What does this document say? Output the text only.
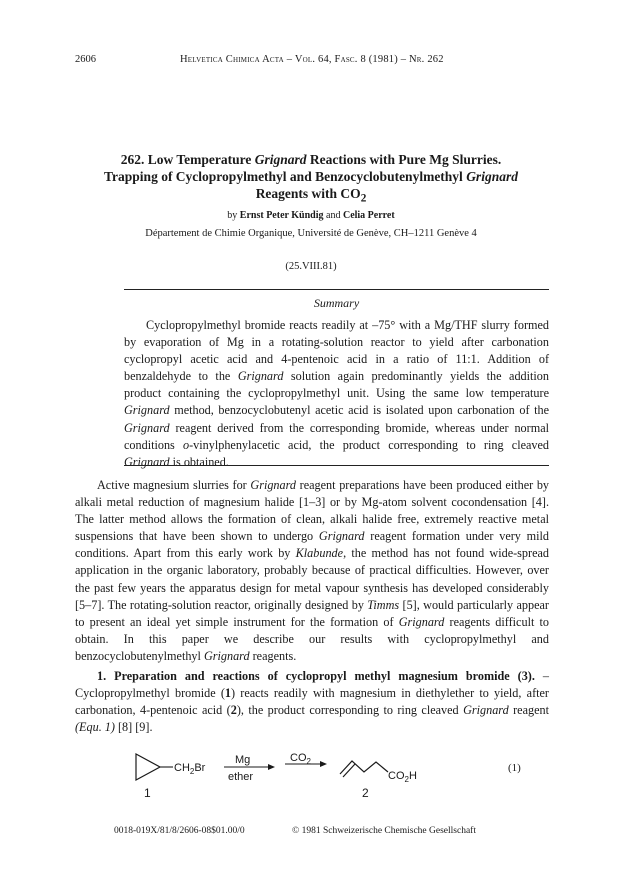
2606	Helvetica Chimica Acta – Vol. 64, Fasc. 8 (1981) – Nr. 262
262. Low Temperature Grignard Reactions with Pure Mg Slurries.
Trapping of Cyclopropylmethyl and Benzocyclobutenylmethyl Grignard
Reagents with $CO_2$
by Ernst Peter Kündig and Celia Perret
Département de Chimie Organique, Université de Genève, CH–1211 Genève 4
(25.VIII.81)
Summary

Cyclopropylmethyl bromide reacts readily at –75° with a Mg/THF slurry formed by evaporation of Mg in a rotating-solution reactor to yield after carbonation cyclopropyl acetic acid and 4-pentenoic acid in a ratio of 11:1. Addition of benzaldehyde to the Grignard solution again predominantly yields the addition product containing the cyclopropylmethyl unit. Using the same low temperature Grignard method, benzocyclobutenyl acetic acid is isolated upon carbonation of the Grignard reagent derived from the corresponding bromide, whereas under normal conditions o-vinylphenylacetic acid, the product corresponding to ring cleaved Grignard is obtained.

Active magnesium slurries for Grignard reagent preparations have been produced either by alkali metal reduction of magnesium halide [1–3] or by Mg-atom solvent cocondensation [4]. The latter method allows the formation of clean, alkali halide free, extremely reactive metal suspensions that have been shown to undergo Grignard reagent formation under very mild conditions. Apart from this early work by Klabunde, the method has not found wide-spread application in the organic laboratory, probably because of practical difficulties. However, over the past few years the apparatus design for metal vapour synthesis has developed considerably [5–7]. The rotating-solution reactor, originally designed by Timms [5], would particularly appear to present an ideal yet simple instrument for the formation of Grignard reagents difficult to obtain. In this paper we describe our results with cyclopropylmethyl and benzocyclobutenylmethyl Grignard reagents.

1. Preparation and reactions of cyclopropyl methyl magnesium bromide (3). – Cyclopropylmethyl bromide (1) reacts readily with magnesium in diethylether to yield, after carbonation, 4-pentenoic acid (2), the product corresponding to ring cleaved Grignard reagent (Equ. 1) [8] [9].

$CH_2Br$
Mg
ether
$CO_2$
$CO_2H$
1	2
(1)
0018-019X/81/8/2606-08$01.00/0	© 1981 Schweizerische Chemische Gesellschaft
